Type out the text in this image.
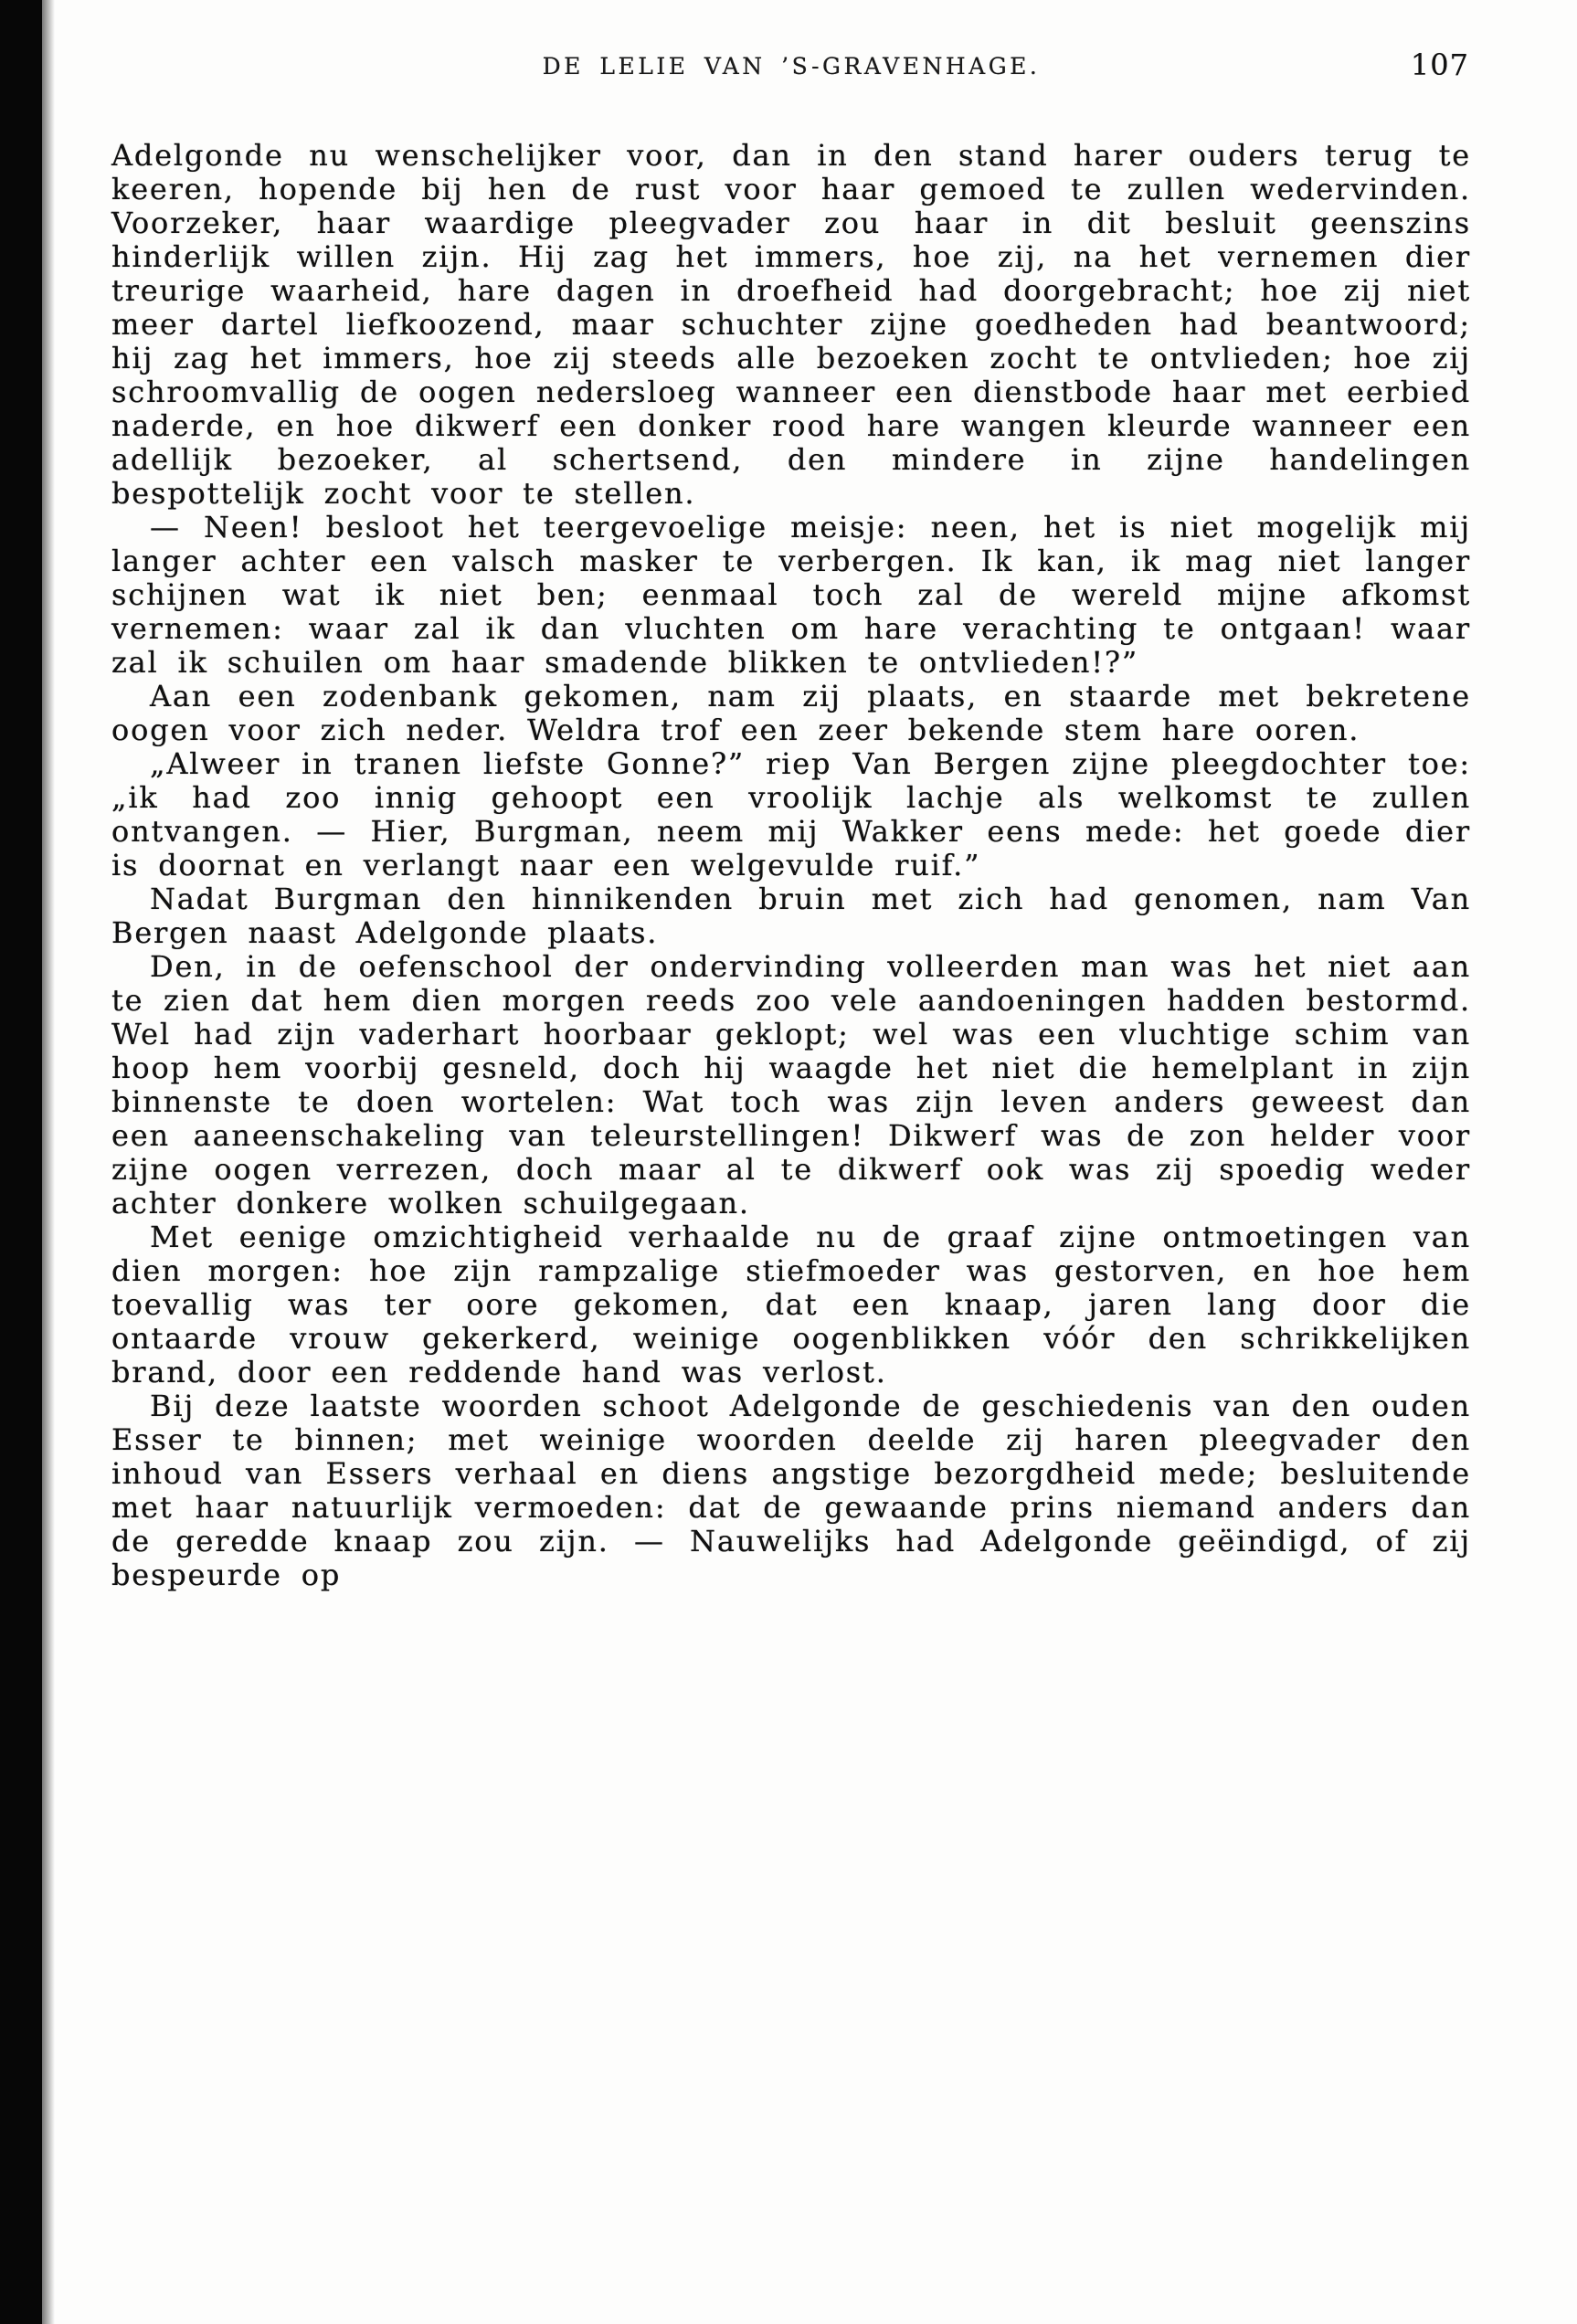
DE LELIE VAN ’S-GRAVENHAGE.	107

Adelgonde nu wenschelijker voor, dan in den stand harer ouders terug te keeren, hopende bij hen de rust voor haar gemoed te zullen wedervinden. Voorzeker, haar waardige pleegvader zou haar in dit besluit geenszins hinderlijk willen zijn. Hij zag het immers, hoe zij, na het vernemen dier treurige waarheid, hare dagen in droefheid had doorgebracht; hoe zij niet meer dartel liefkoozend, maar schuchter zijne goedheden had beantwoord; hij zag het immers, hoe zij steeds alle bezoeken zocht te ontvlieden; hoe zij schroomvallig de oogen nedersloeg wanneer een dienstbode haar met eerbied naderde, en hoe dikwerf een donker rood hare wangen kleurde wanneer een adellijk bezoeker, al schertsend, den mindere in zijne handelingen bespottelijk zocht voor te stellen.

— Neen! besloot het teergevoelige meisje: neen, het is niet mogelijk mij langer achter een valsch masker te verbergen. Ik kan, ik mag niet langer schijnen wat ik niet ben; eenmaal toch zal de wereld mijne afkomst vernemen: waar zal ik dan vluchten om hare verachting te ontgaan! waar zal ik schuilen om haar smadende blikken te ontvlieden!?”

Aan een zodenbank gekomen, nam zij plaats, en staarde met bekretene oogen voor zich neder. Weldra trof een zeer bekende stem hare ooren.

„Alweer in tranen liefste Gonne?” riep Van Bergen zijne pleegdochter toe: „ik had zoo innig gehoopt een vroolijk lachje als welkomst te zullen ontvangen. — Hier, Burgman, neem mij Wakker eens mede: het goede dier is doornat en verlangt naar een welgevulde ruif.”

Nadat Burgman den hinnikenden bruin met zich had genomen, nam Van Bergen naast Adelgonde plaats.

Den, in de oefenschool der ondervinding volleerden man was het niet aan te zien dat hem dien morgen reeds zoo vele aandoeningen hadden bestormd. Wel had zijn vaderhart hoorbaar geklopt; wel was een vluchtige schim van hoop hem voorbij gesneld, doch hij waagde het niet die hemelplant in zijn binnenste te doen wortelen: Wat toch was zijn leven anders geweest dan een aaneenschakeling van teleurstellingen! Dikwerf was de zon helder voor zijne oogen verrezen, doch maar al te dikwerf ook was zij spoedig weder achter donkere wolken schuilgegaan.

Met eenige omzichtigheid verhaalde nu de graaf zijne ontmoetingen van dien morgen: hoe zijn rampzalige stiefmoeder was gestorven, en hoe hem toevallig was ter oore gekomen, dat een knaap, jaren lang door die ontaarde vrouw gekerkerd, weinige oogenblikken vóór den schrikkelijken brand, door een reddende hand was verlost.

Bij deze laatste woorden schoot Adelgonde de geschiedenis van den ouden Esser te binnen; met weinige woorden deelde zij haren pleegvader den inhoud van Essers verhaal en diens angstige bezorgdheid mede; besluitende met haar natuurlijk vermoeden: dat de gewaande prins niemand anders dan de geredde knaap zou zijn. — Nauwelijks had Adelgonde geëindigd, of zij bespeurde op
